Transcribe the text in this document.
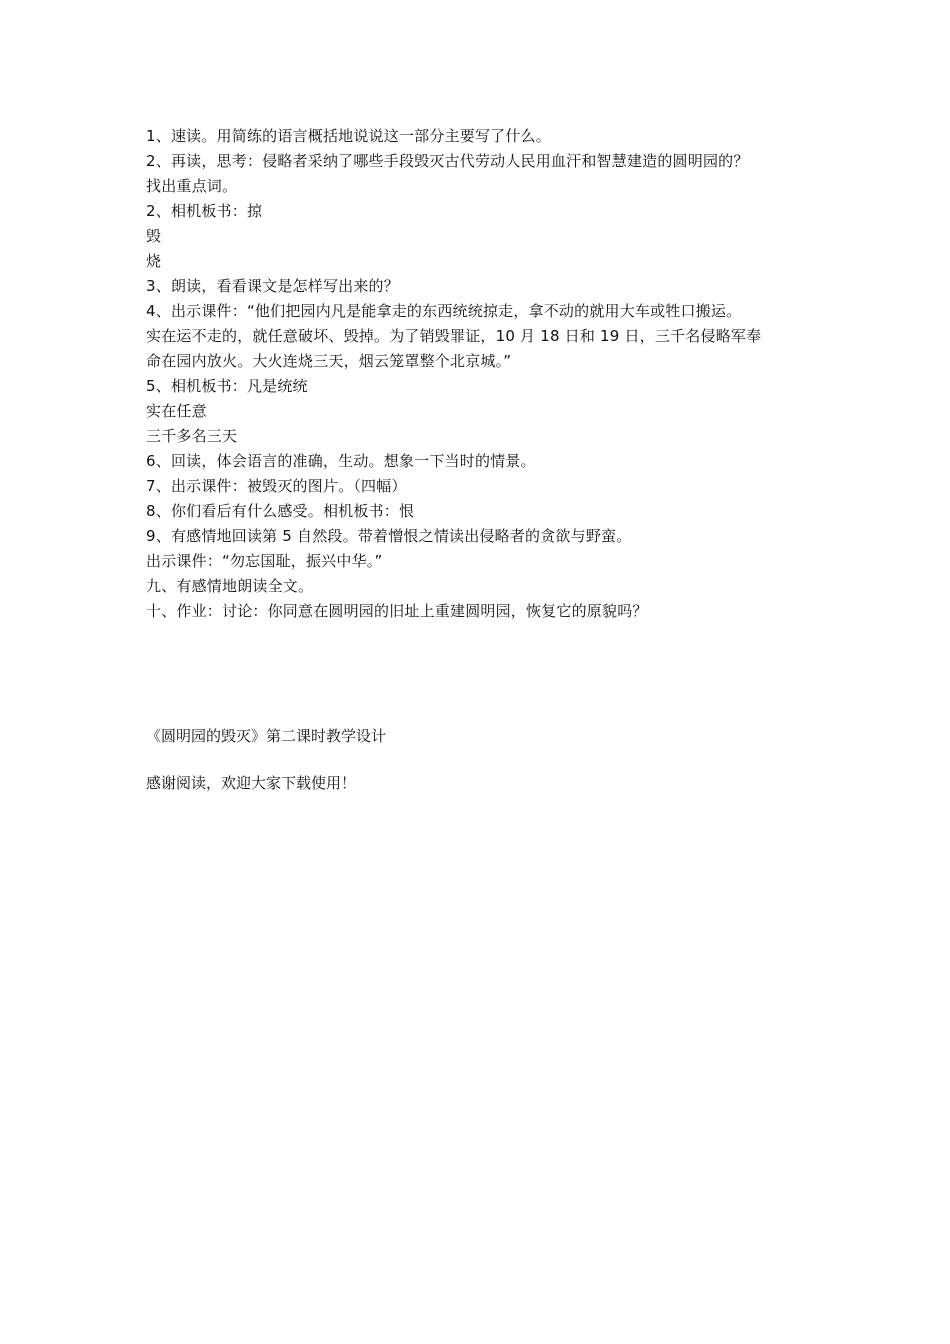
1、速读。用简练的语言概括地说说这一部分主要写了什么。
2、再读，思考：侵略者采纳了哪些手段毁灭古代劳动人民用血汗和智慧建造的圆明园的？
找出重点词。
2、相机板书：掠
毁
烧
3、朗读，看看课文是怎样写出来的？
4、出示课件：“他们把园内凡是能拿走的东西统统掠走，拿不动的就用大车或牲口搬运。
实在运不走的，就任意破坏、毁掉。为了销毁罪证，10 月 18 日和 19 日，三千名侵略军奉
命在园内放火。大火连烧三天，烟云笼罩整个北京城。”
5、相机板书：凡是统统
实在任意
三千多名三天
6、回读，体会语言的准确，生动。想象一下当时的情景。
7、出示课件：被毁灭的图片。（四幅）
8、你们看后有什么感受。相机板书：恨
9、有感情地回读第 5 自然段。带着憎恨之情读出侵略者的贪欲与野蛮。
出示课件：“勿忘国耻，振兴中华。”
九、有感情地朗读全文。
十、作业：讨论：你同意在圆明园的旧址上重建圆明园，恢复它的原貌吗？
《圆明园的毁灭》第二课时教学设计
感谢阅读，欢迎大家下载使用！
